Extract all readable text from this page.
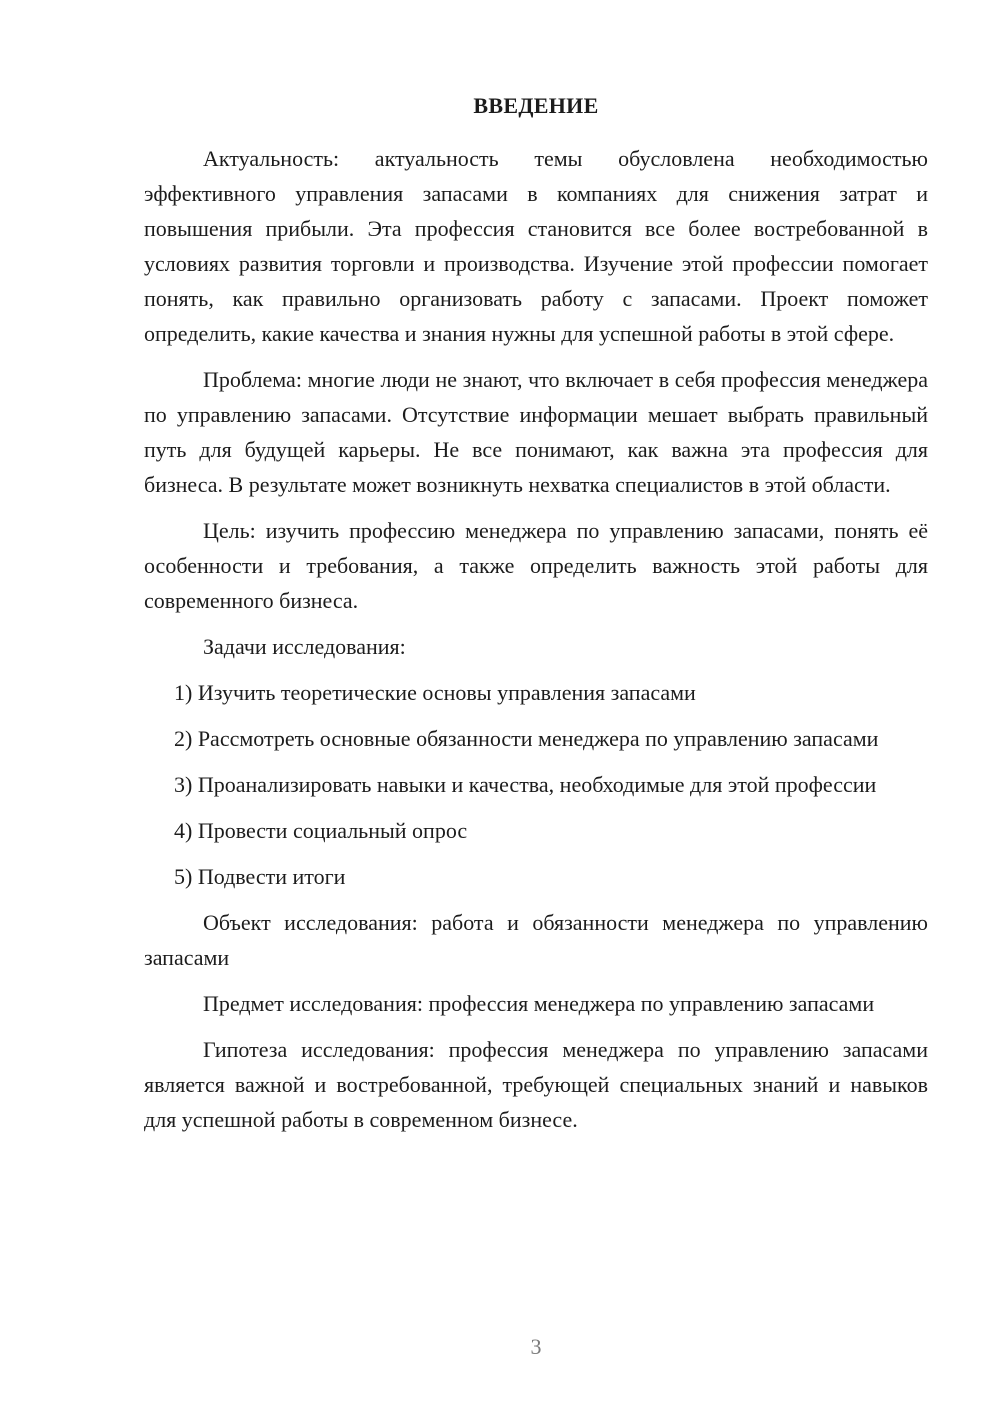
ВВЕДЕНИЕ

Актуальность: актуальность темы обусловлена необходимостью эффективного управления запасами в компаниях для снижения затрат и повышения прибыли. Эта профессия становится все более востребованной в условиях развития торговли и производства. Изучение этой профессии помогает понять, как правильно организовать работу с запасами. Проект поможет определить, какие качества и знания нужны для успешной работы в этой сфере.

Проблема: многие люди не знают, что включает в себя профессия менеджера по управлению запасами. Отсутствие информации мешает выбрать правильный путь для будущей карьеры. Не все понимают, как важна эта профессия для бизнеса. В результате может возникнуть нехватка специалистов в этой области.

Цель: изучить профессию менеджера по управлению запасами, понять её особенности и требования, а также определить важность этой работы для современного бизнеса.

Задачи исследования:

1) Изучить теоретические основы управления запасами

2) Рассмотреть основные обязанности менеджера по управлению запасами

3) Проанализировать навыки и качества, необходимые для этой профессии

4) Провести социальный опрос

5) Подвести итоги

Объект исследования: работа и обязанности менеджера по управлению запасами

Предмет исследования: профессия менеджера по управлению запасами

Гипотеза исследования: профессия менеджера по управлению запасами является важной и востребованной, требующей специальных знаний и навыков для успешной работы в современном бизнесе.

3
